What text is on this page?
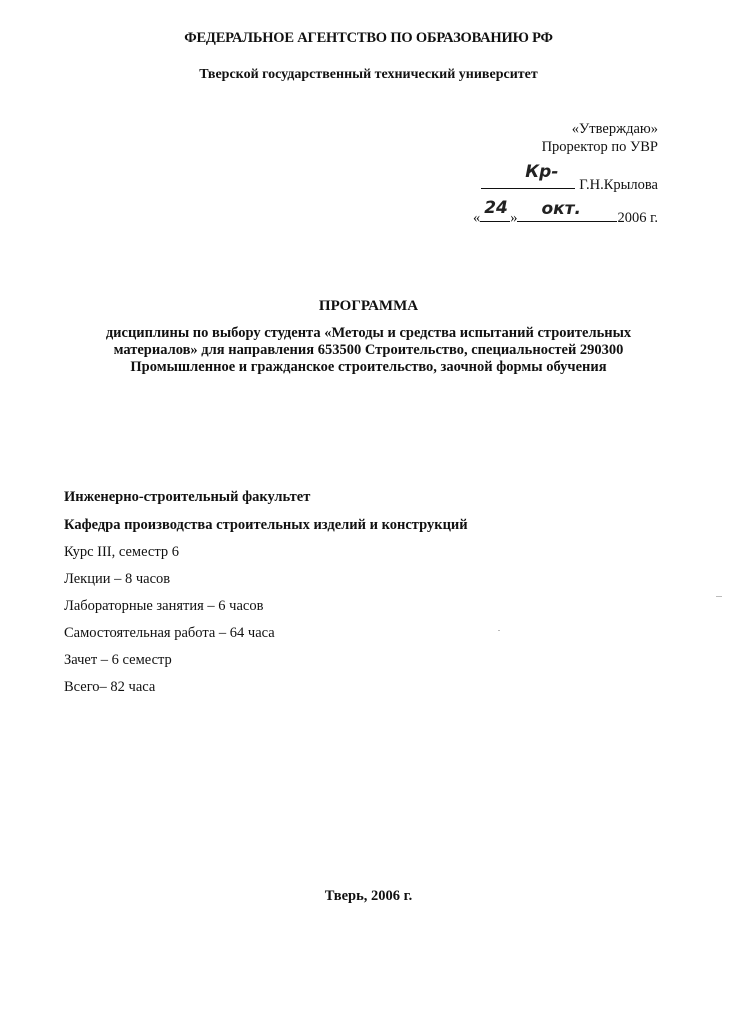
ФЕДЕРАЛЬНОЕ АГЕНТСТВО ПО ОБРАЗОВАНИЮ РФ
Тверской государственный технический университет
«Утверждаю»
Проректор по УВР
Кр-
Г.Н.Крылова
« 24 » окт.	2006 г.
ПРОГРАММА
дисциплины по выбору студента «Методы и средства испытаний строительных
материалов» для направления 653500 Строительство, специальностей 290300
Промышленное и гражданское строительство, заочной формы обучения
Инженерно-строительный факультет
Кафедра производства строительных изделий и конструкций
Курс III, семестр 6
Лекции – 8 часов
Лабораторные занятия – 6 часов
Самостоятельная работа – 64 часа
Зачет – 6 семестр
Всего– 82 часа
Тверь, 2006 г.
